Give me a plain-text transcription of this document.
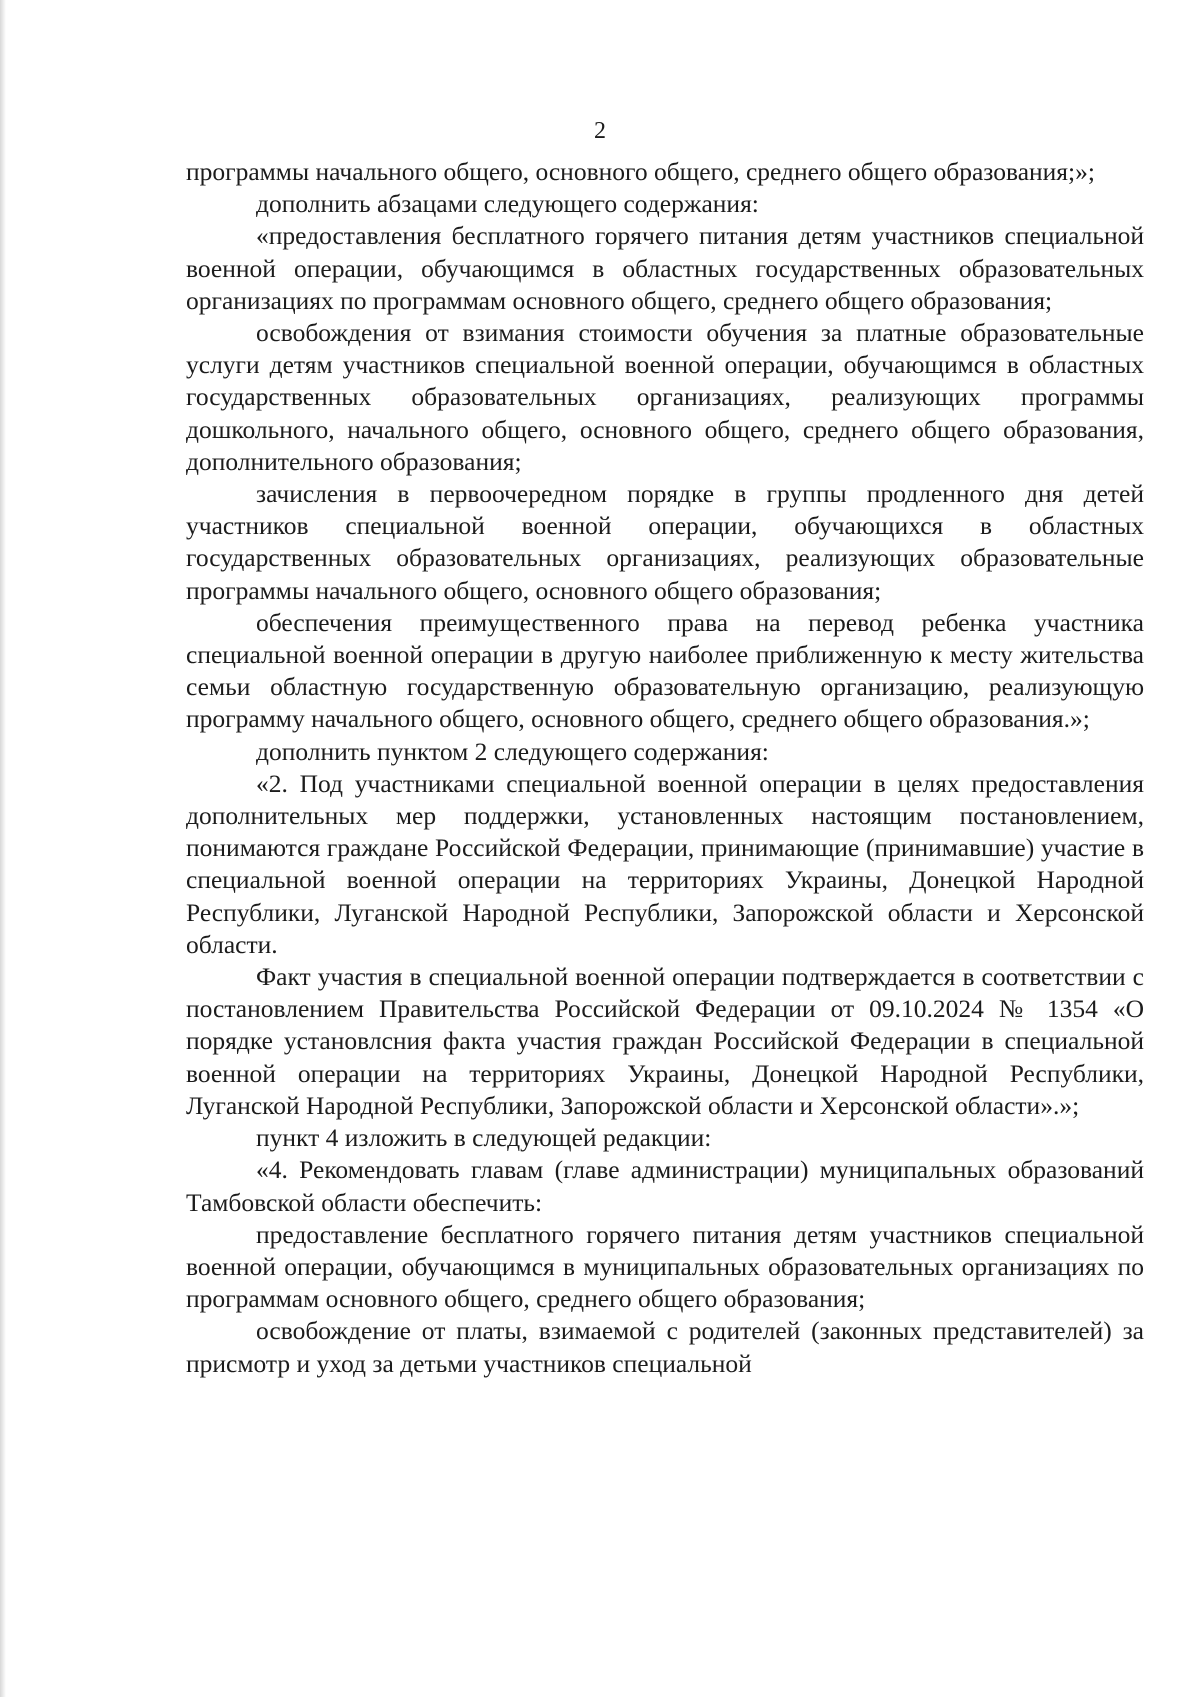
2

программы начального общего, основного общего, среднего общего образования;»;

дополнить абзацами следующего содержания:

«предоставления бесплатного горячего питания детям участников специальной военной операции, обучающимся в областных государственных образовательных организациях по программам основного общего, среднего общего образования;

освобождения от взимания стоимости обучения за платные образовательные услуги детям участников специальной военной операции, обучающимся в областных государственных образовательных организациях, реализующих программы дошкольного, начального общего, основного общего, среднего общего образования, дополнительного образования;

зачисления в первоочередном порядке в группы продленного дня детей участников специальной военной операции, обучающихся в областных государственных образовательных организациях, реализующих образовательные программы начального общего, основного общего образования;

обеспечения преимущественного права на перевод ребенка участника специальной военной операции в другую наиболее приближенную к месту жительства семьи областную государственную образовательную организацию, реализующую программу начального общего, основного общего, среднего общего образования.»;

дополнить пунктом 2 следующего содержания:

«2. Под участниками специальной военной операции в целях предоставления дополнительных мер поддержки, установленных настоящим постановлением, понимаются граждане Российской Федерации, принимающие (принимавшие) участие в специальной военной операции на территориях Украины, Донецкой Народной Республики, Луганской Народной Республики, Запорожской области и Херсонской области.

Факт участия в специальной военной операции подтверждается в соответствии с постановлением Правительства Российской Федерации от 09.10.2024 № 1354 «О порядке установлсния факта участия граждан Российской Федерации в специальной военной операции на территориях Украины, Донецкой Народной Республики, Луганской Народной Республики, Запорожской области и Херсонской области».»;

пункт 4 изложить в следующей редакции:

«4. Рекомендовать главам (главе администрации) муниципальных образований Тамбовской области обеспечить:

предоставление бесплатного горячего питания детям участников специальной военной операции, обучающимся в муниципальных образовательных организациях по программам основного общего, среднего общего образования;

освобождение от платы, взимаемой с родителей (законных представителей) за присмотр и уход за детьми участников специальной
